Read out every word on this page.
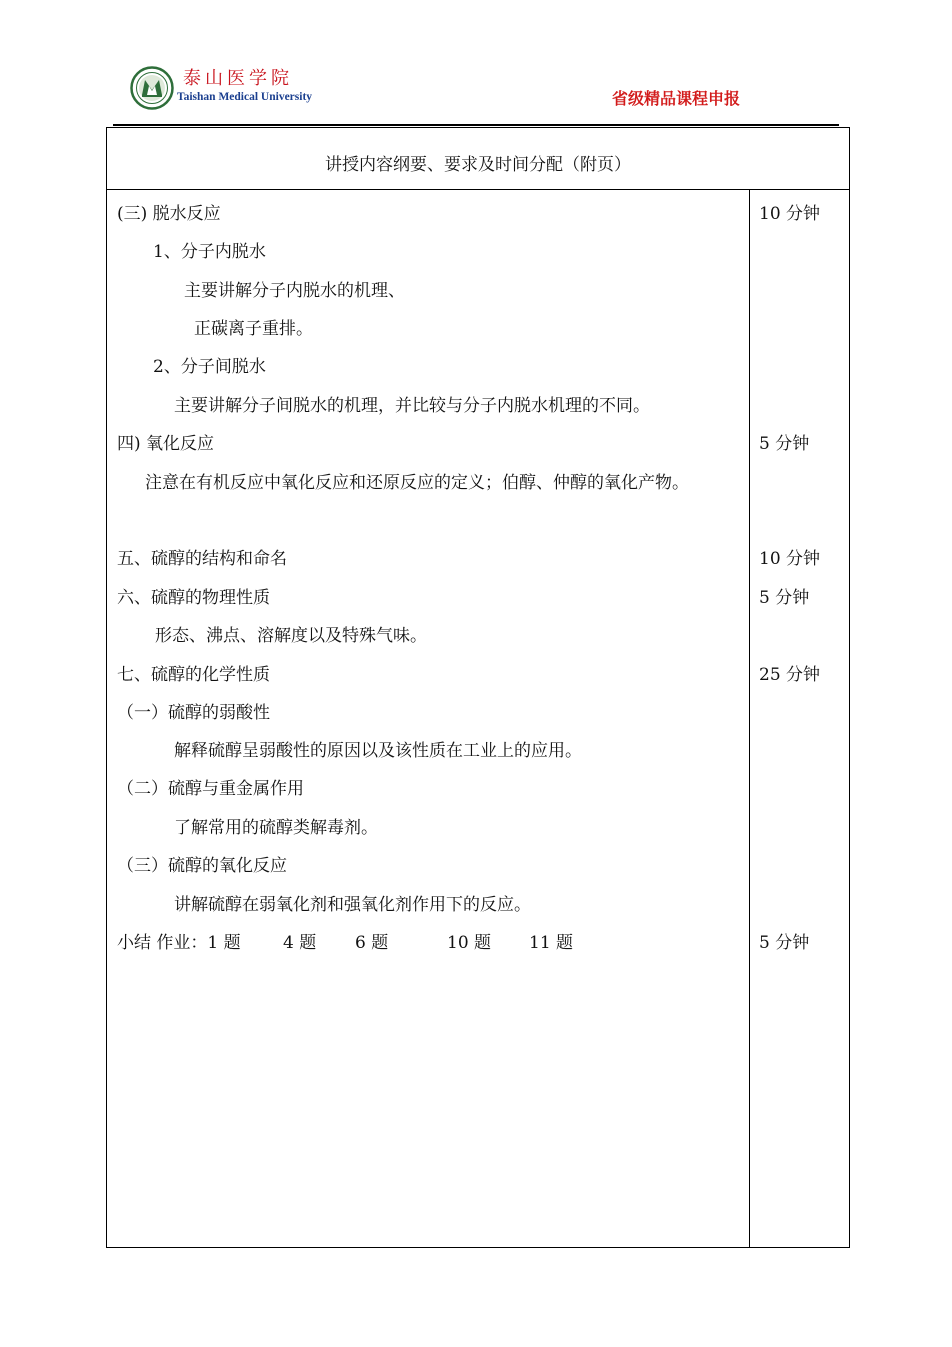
泰山医学院
Taishan Medical University	省级精品课程申报
讲授内容纲要、要求及时间分配（附页）
(三) 脱水反应
1、分子内脱水
主要讲解分子内脱水的机理、
正碳离子重排。
2、分子间脱水
主要讲解分子间脱水的机理，并比较与分子内脱水机理的不同。
四) 氧化反应
注意在有机反应中氧化反应和还原反应的定义；伯醇、仲醇的氧化产物。
五、硫醇的结构和命名
六、硫醇的物理性质
形态、沸点、溶解度以及特殊气味。
七、硫醇的化学性质
（一）硫醇的弱酸性
解释硫醇呈弱酸性的原因以及该性质在工业上的应用。
（二）硫醇与重金属作用
了解常用的硫醇类解毒剂。
（三）硫醇的氧化反应
讲解硫醇在弱氧化剂和强氧化剂作用下的反应。
小结 作业：1 题 4 题 6 题	10 题 11 题
10 分钟
5 分钟
10 分钟
5 分钟
25 分钟
5 分钟
